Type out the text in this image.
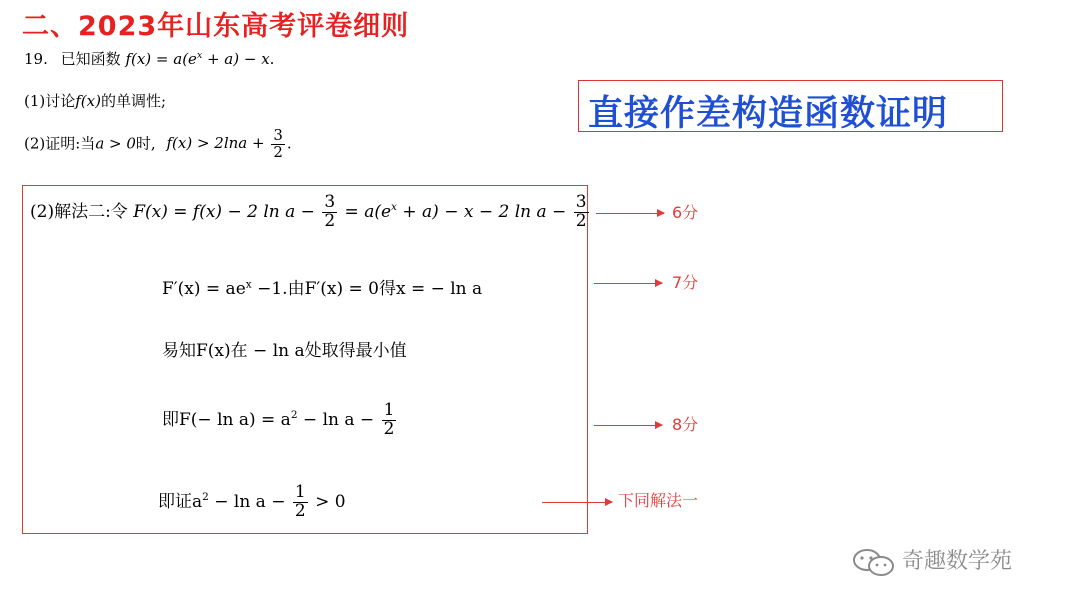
二、2023年山东高考评卷细则
19. 已知函数 $f(x) = a(e^x + a) - x$.
(1)讨论f(x)的单调性;
(2)证明:当a > 0时, $f(x) > 2\ln a + \frac{3}{2}$ .
直接作差构造函数证明
(2)解法二:令 F(x) = f(x) − 2 $\ln a - \frac{3}{2} = a(e^x + a) - x - 2$ $\ln a - \frac{3}{2}$
$F'(x) = ae^x -1$.由F′(x) = 0得x = − ln a
易知F(x)在 − ln a处取得最小值
即$F(- \ln a) = a^2 - \ln a - \frac{1}{2}$
即证$a^2 - \ln a - \frac{1}{2} > 0$
6分
7分
8分
下同解法一
奇趣数学苑
